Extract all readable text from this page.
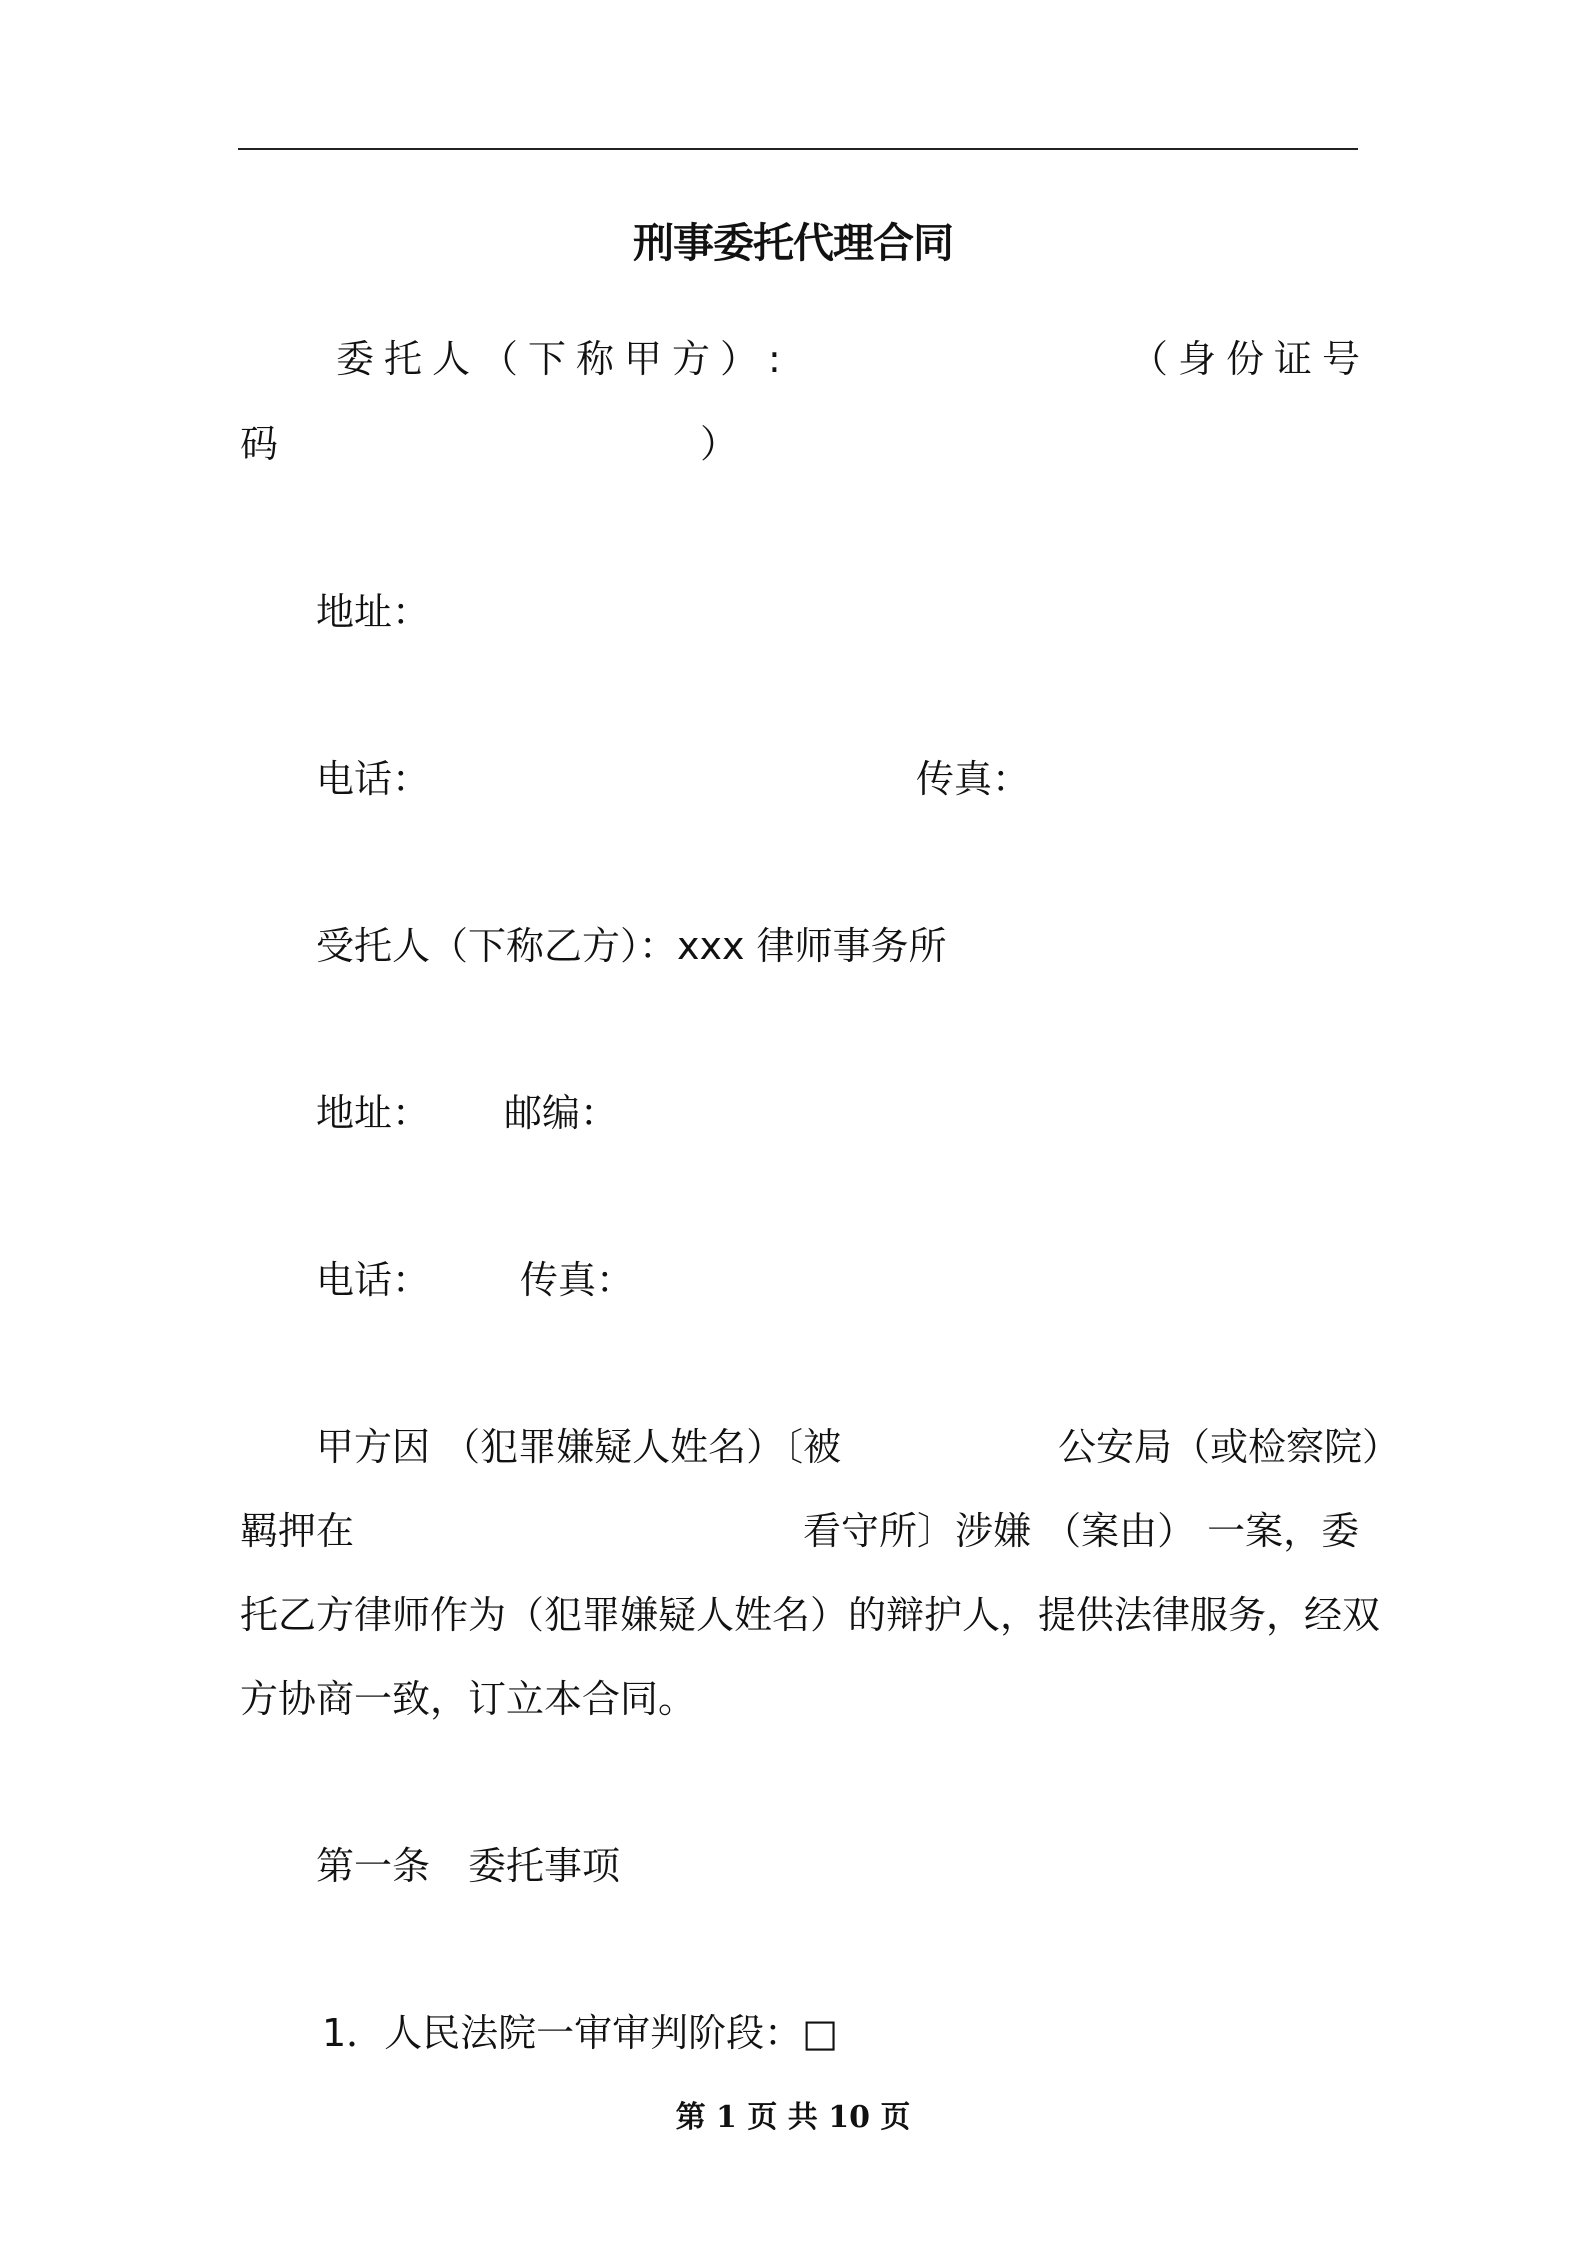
刑事委托代理合同
委托人（下称甲方）:	（身份证号
码	）
地址：
电话：	传真：
受托人（下称乙方）：xxx 律师事务所
地址： 邮编：
电话： 传真：
甲方因 （犯罪嫌疑人姓名）〔被	公安局（或检察院）
羁押在	看守所〕涉嫌 （案由） 一案，委
托乙方律师作为（犯罪嫌疑人姓名）的辩护人，提供法律服务，经双
方协商一致，订立本合同。
第一条　委托事项
1．人民法院一审审判阶段：□
第 1 页 共 10 页
